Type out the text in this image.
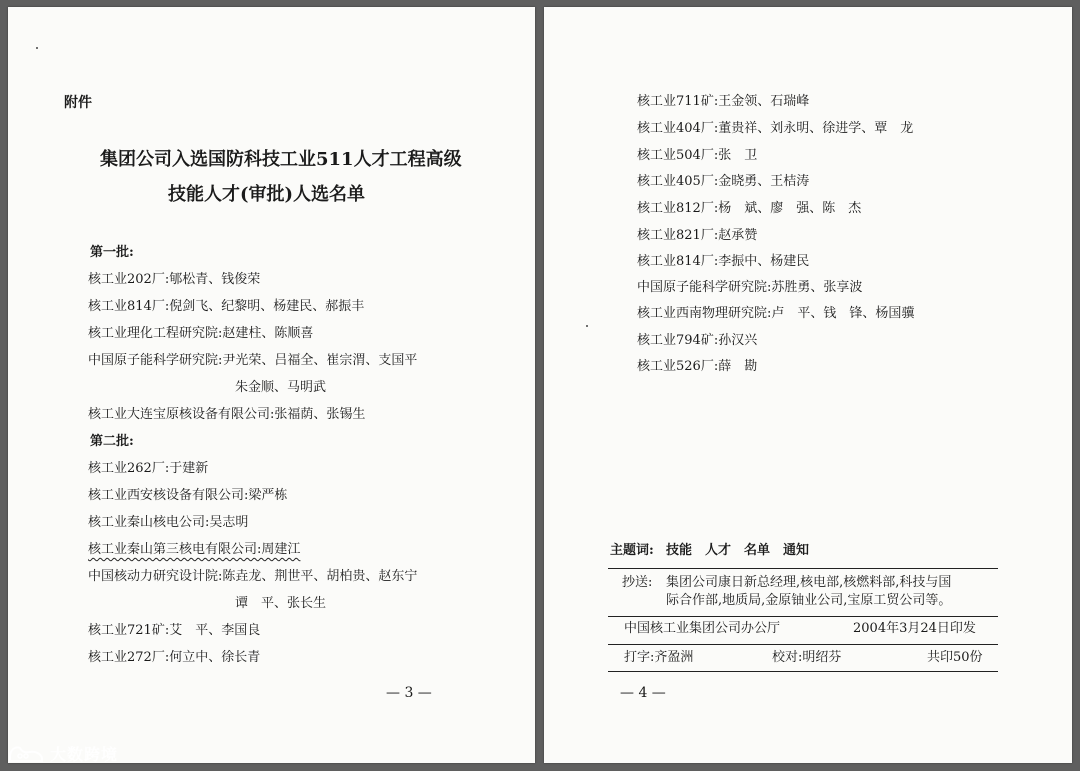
附件
集团公司入选国防科技工业511人才工程高级
技能人才(审批)人选名单
第一批:
核工业202厂:郇松青、钱俊荣
核工业814厂:倪剑飞、纪黎明、杨建民、郝振丰
核工业理化工程研究院:赵建柱、陈顺喜
中国原子能科学研究院:尹光荣、吕福全、崔宗渭、支国平
朱金顺、马明武
核工业大连宝原核设备有限公司:张福荫、张锡生
第二批:
核工业262厂:于建新
核工业西安核设备有限公司:梁严栋
核工业秦山核电公司:吴志明
核工业秦山第三核电有限公司:周建江
中国核动力研究设计院:陈垚龙、荆世平、胡柏贵、赵东宁
谭　平、张长生
核工业721矿:艾　平、李国良
核工业272厂:何立中、徐长青
— 3 —
核工业711矿:王金领、石瑞峰
核工业404厂:董贵祥、刘永明、徐进学、覃　龙
核工业504厂:张　卫
核工业405厂:金晓勇、王桔涛
核工业812厂:杨　斌、廖　强、陈　杰
核工业821厂:赵承赞
核工业814厂:李振中、杨建民
中国原子能科学研究院:苏胜勇、张享波
核工业西南物理研究院:卢　平、钱　锋、杨国骥
核工业794矿:孙汉兴
核工业526厂:薛　勘
主题词: 技能　人才　名单　通知
抄送: 集团公司康日新总经理,核电部,核燃料部,科技与国
际合作部,地质局,金原铀业公司,宝原工贸公司等。
中国核工业集团公司办公厅	2004年3月24日印发
打字:齐盈洲	校对:明绍芬	共印50份
— 4 —
大数跨境
